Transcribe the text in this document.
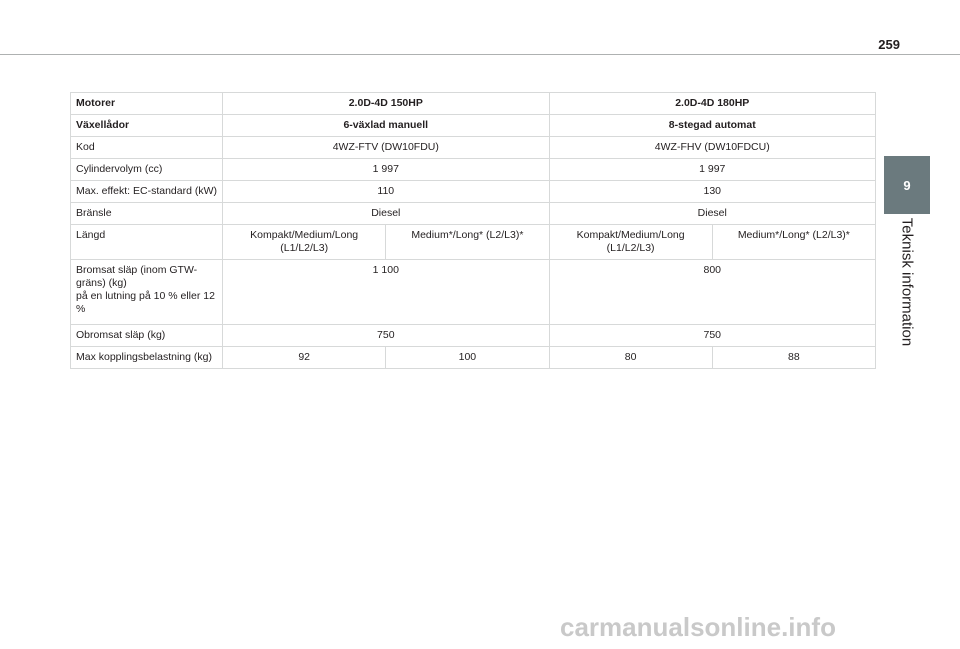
259
9
Teknisk information
Motorer	2.0D-4D 150HP		2.0D-4D 180HP	
Växellådor	6-växlad manuell		8-stegad automat	
Kod	4WZ-FTV (DW10FDU)		4WZ-FHV (DW10FDCU)	
Cylindervolym (cc)	1 997		1 997	
Max. effekt: EC-standard (kW)	110		130	
Bränsle	Diesel		Diesel	
Längd	Kompakt/Medium/Long (L1/L2/L3)	Medium*/Long* (L2/L3)*	Kompakt/Medium/Long (L1/L2/L3)	Medium*/Long* (L2/L3)*

Bromsat släp (inom GTW-gräns) (kg)
på en lutning på 10 % eller 12 %	1 100		800	
Obromsat släp (kg)	750		750	
Max kopplingsbelastning (kg)	92	100	80	88
carmanualsonline.info
